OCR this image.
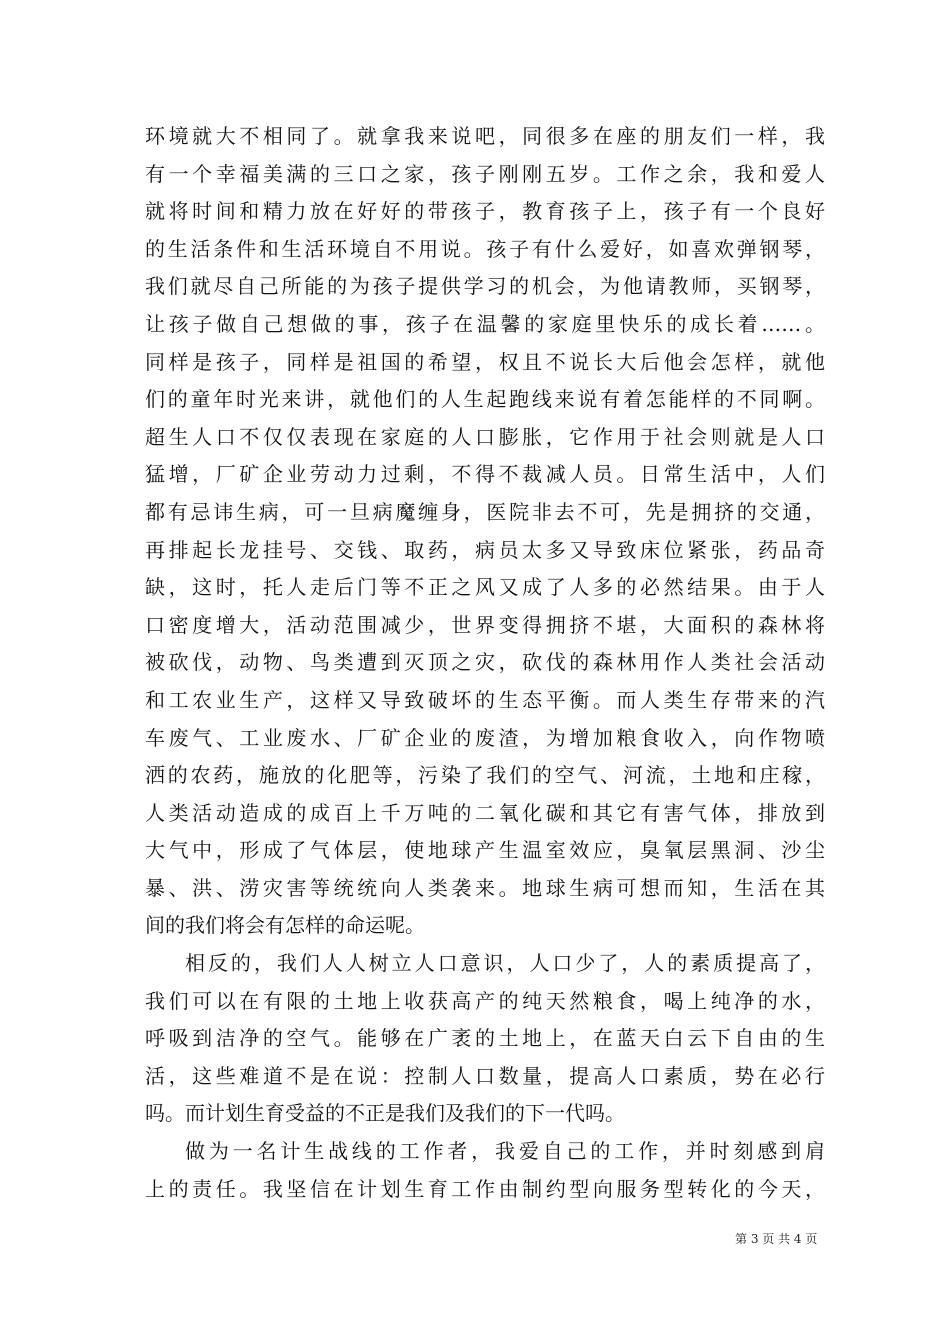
环境就大不相同了。就拿我来说吧，同很多在座的朋友们一样，我
有一个幸福美满的三口之家，孩子刚刚五岁。工作之余，我和爱人
就将时间和精力放在好好的带孩子，教育孩子上，孩子有一个良好
的生活条件和生活环境自不用说。孩子有什么爱好，如喜欢弹钢琴，
我们就尽自己所能的为孩子提供学习的机会，为他请教师，买钢琴，
让孩子做自己想做的事，孩子在温馨的家庭里快乐的成长着……。
同样是孩子，同样是祖国的希望，权且不说长大后他会怎样，就他
们的童年时光来讲，就他们的人生起跑线来说有着怎能样的不同啊。
超生人口不仅仅表现在家庭的人口膨胀，它作用于社会则就是人口
猛增，厂矿企业劳动力过剩，不得不裁减人员。日常生活中，人们
都有忌讳生病，可一旦病魔缠身，医院非去不可，先是拥挤的交通，
再排起长龙挂号、交钱、取药，病员太多又导致床位紧张，药品奇
缺，这时，托人走后门等不正之风又成了人多的必然结果。由于人
口密度增大，活动范围减少，世界变得拥挤不堪，大面积的森林将
被砍伐，动物、鸟类遭到灭顶之灾，砍伐的森林用作人类社会活动
和工农业生产，这样又导致破坏的生态平衡。而人类生存带来的汽
车废气、工业废水、厂矿企业的废渣，为增加粮食收入，向作物喷
洒的农药，施放的化肥等，污染了我们的空气、河流，土地和庄稼，
人类活动造成的成百上千万吨的二氧化碳和其它有害气体，排放到
大气中，形成了气体层，使地球产生温室效应，臭氧层黑洞、沙尘
暴、洪、涝灾害等统统向人类袭来。地球生病可想而知，生活在其
间的我们将会有怎样的命运呢。
相反的，我们人人树立人口意识，人口少了，人的素质提高了，
我们可以在有限的土地上收获高产的纯天然粮食，喝上纯净的水，
呼吸到洁净的空气。能够在广袤的土地上，在蓝天白云下自由的生
活，这些难道不是在说：控制人口数量，提高人口素质，势在必行
吗。而计划生育受益的不正是我们及我们的下一代吗。
做为一名计生战线的工作者，我爱自己的工作，并时刻感到肩
上的责任。我坚信在计划生育工作由制约型向服务型转化的今天，
第 3 页 共 4 页
